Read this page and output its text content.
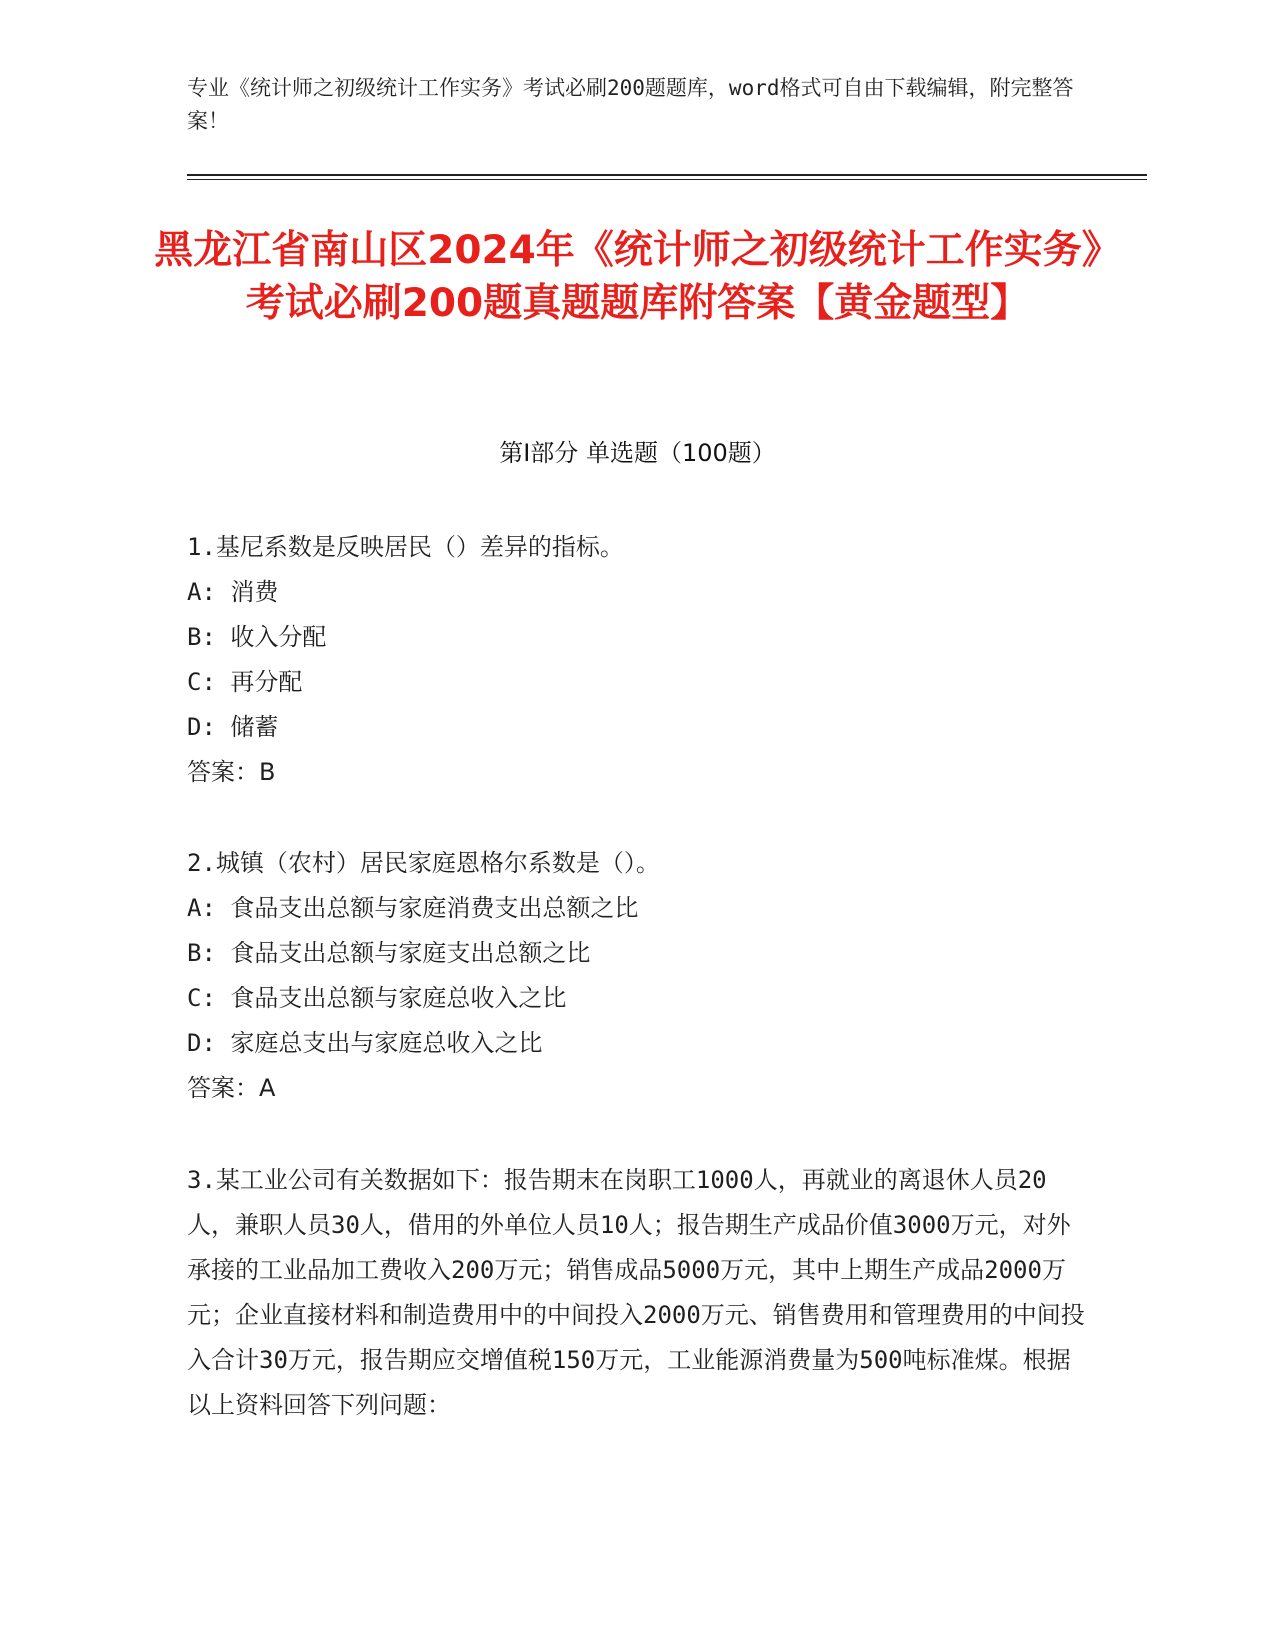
专业《统计师之初级统计工作实务》考试必刷200题题库，word格式可自由下载编辑，附完整答案！
黑龙江省南山区2024年《统计师之初级统计工作实务》考试必刷200题真题题库附答案【黄金题型】
第I部分 单选题（100题）
1.基尼系数是反映居民（）差异的指标。
A: 消费
B: 收入分配
C: 再分配
D: 储蓄
答案：B
2.城镇（农村）居民家庭恩格尔系数是（）。
A: 食品支出总额与家庭消费支出总额之比
B: 食品支出总额与家庭支出总额之比
C: 食品支出总额与家庭总收入之比
D: 家庭总支出与家庭总收入之比
答案：A
3.某工业公司有关数据如下：报告期末在岗职工1000人，再就业的离退休人员20人，兼职人员30人，借用的外单位人员10人；报告期生产成品价值3000万元，对外承接的工业品加工费收入200万元；销售成品5000万元，其中上期生产成品2000万元；企业直接材料和制造费用中的中间投入2000万元、销售费用和管理费用的中间投入合计30万元，报告期应交增值税150万元，工业能源消费量为500吨标准煤。根据以上资料回答下列问题：
